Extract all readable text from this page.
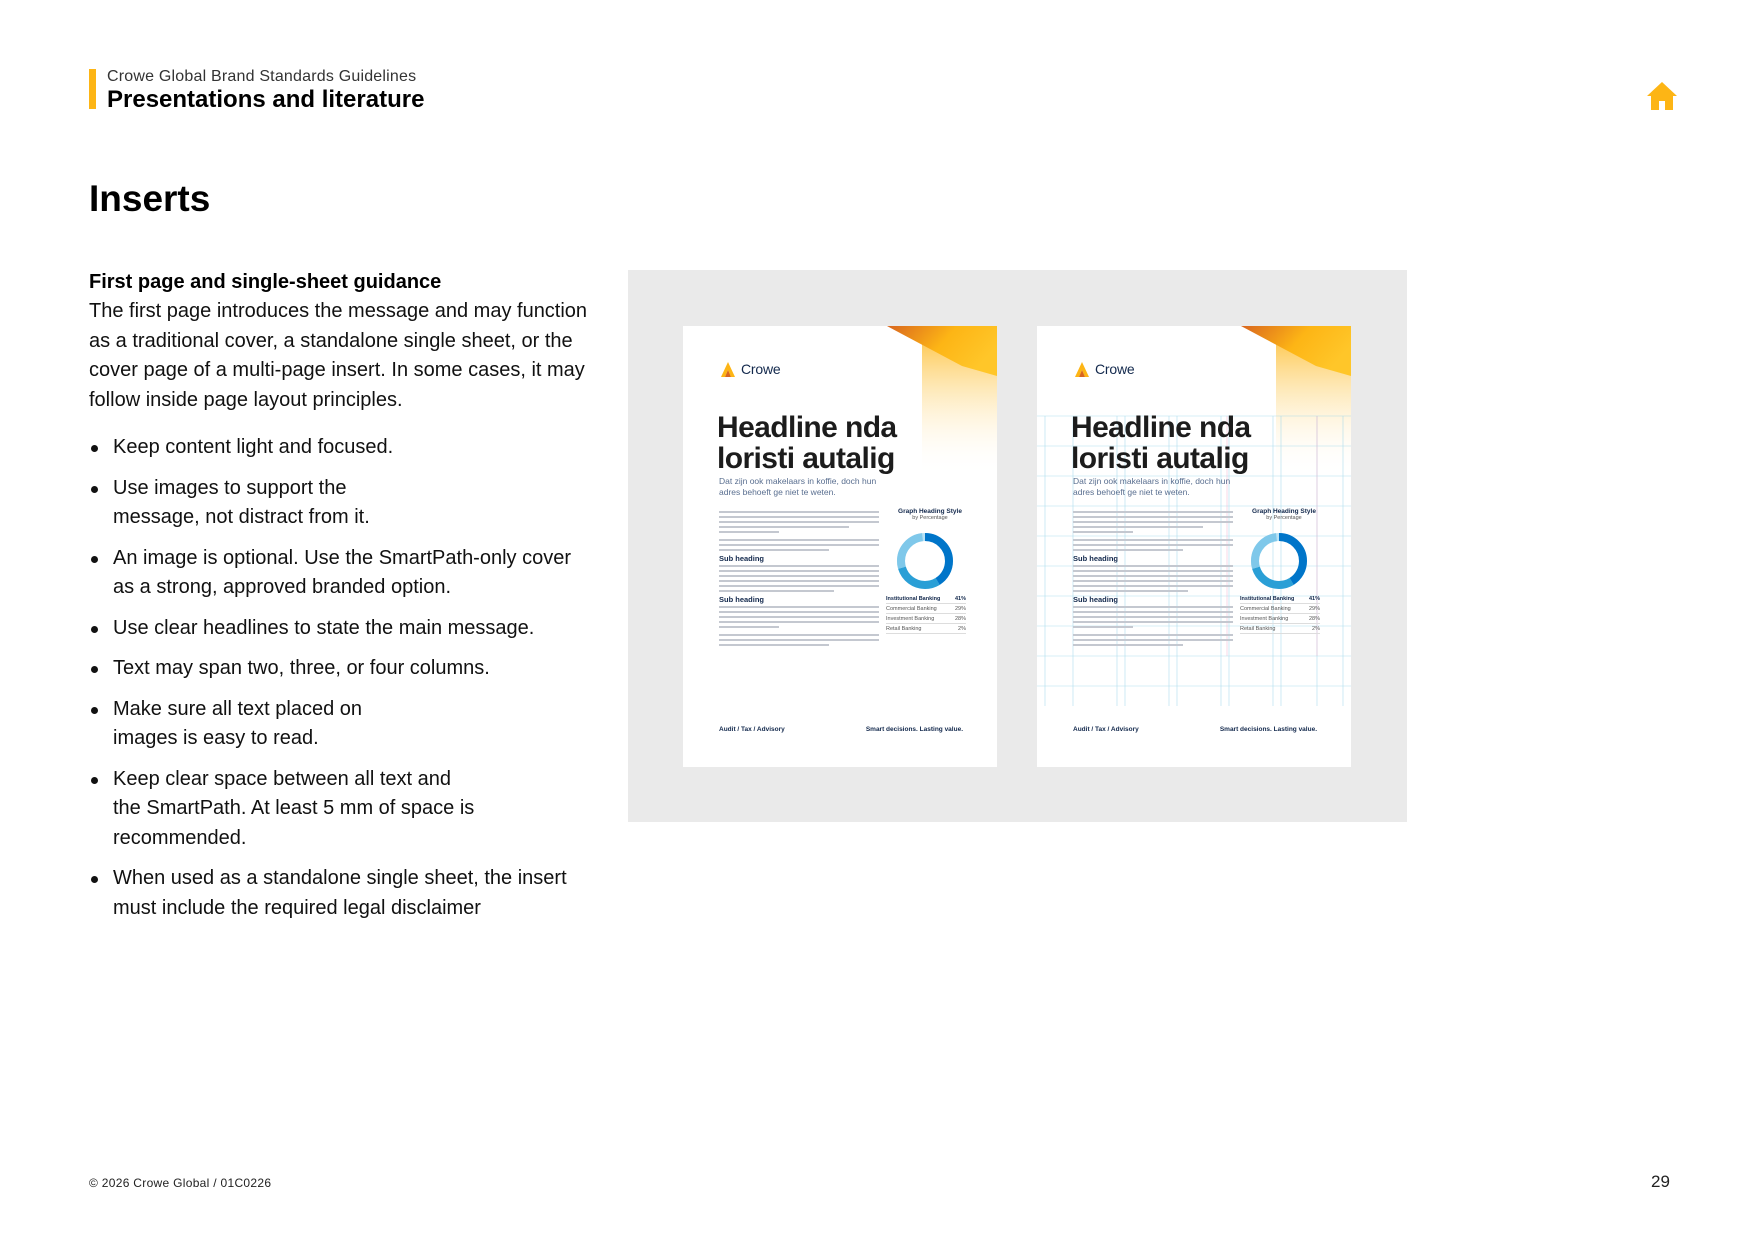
Crowe Global Brand Standards Guidelines
Presentations and literature
Inserts
First page and single-sheet guidance

The first page introduces the message and may function as a traditional cover, a standalone single sheet, or the cover page of a multi-page insert. In some cases, it may follow inside page layout principles.

Keep content light and focused.
Use images to support the message, not distract from it.
An image is optional. Use the SmartPath-only cover as a strong, approved branded option.
Use clear headlines to state the main message.
Text may span two, three, or four columns.
Make sure all text placed on images is easy to read.
Keep clear space between all text and the SmartPath. At least 5 mm of space is recommended.
When used as a standalone single sheet, the insert must include the required legal disclaimer
Crowe
Headline nda loristi autalig
Dat zijn ook makelaars in koffie, doch hun adres behoeft ge niet te weten.
Sub heading
Sub heading
Graph Heading Style
by Percentage
Institutional Banking	41%
Commercial Banking	29%
Investment Banking	28%
Retail Banking	2%
Audit / Tax / Advisory	Smart decisions. Lasting value.
Crowe
Headline nda loristi autalig
Dat zijn ook makelaars in koffie, doch hun adres behoeft ge niet te weten.
Sub heading
Sub heading
Graph Heading Style
by Percentage
Institutional Banking	41%
Commercial Banking	29%
Investment Banking	28%
Retail Banking	2%
Audit / Tax / Advisory	Smart decisions. Lasting value.
© 2026 Crowe Global / 01C0226	29
